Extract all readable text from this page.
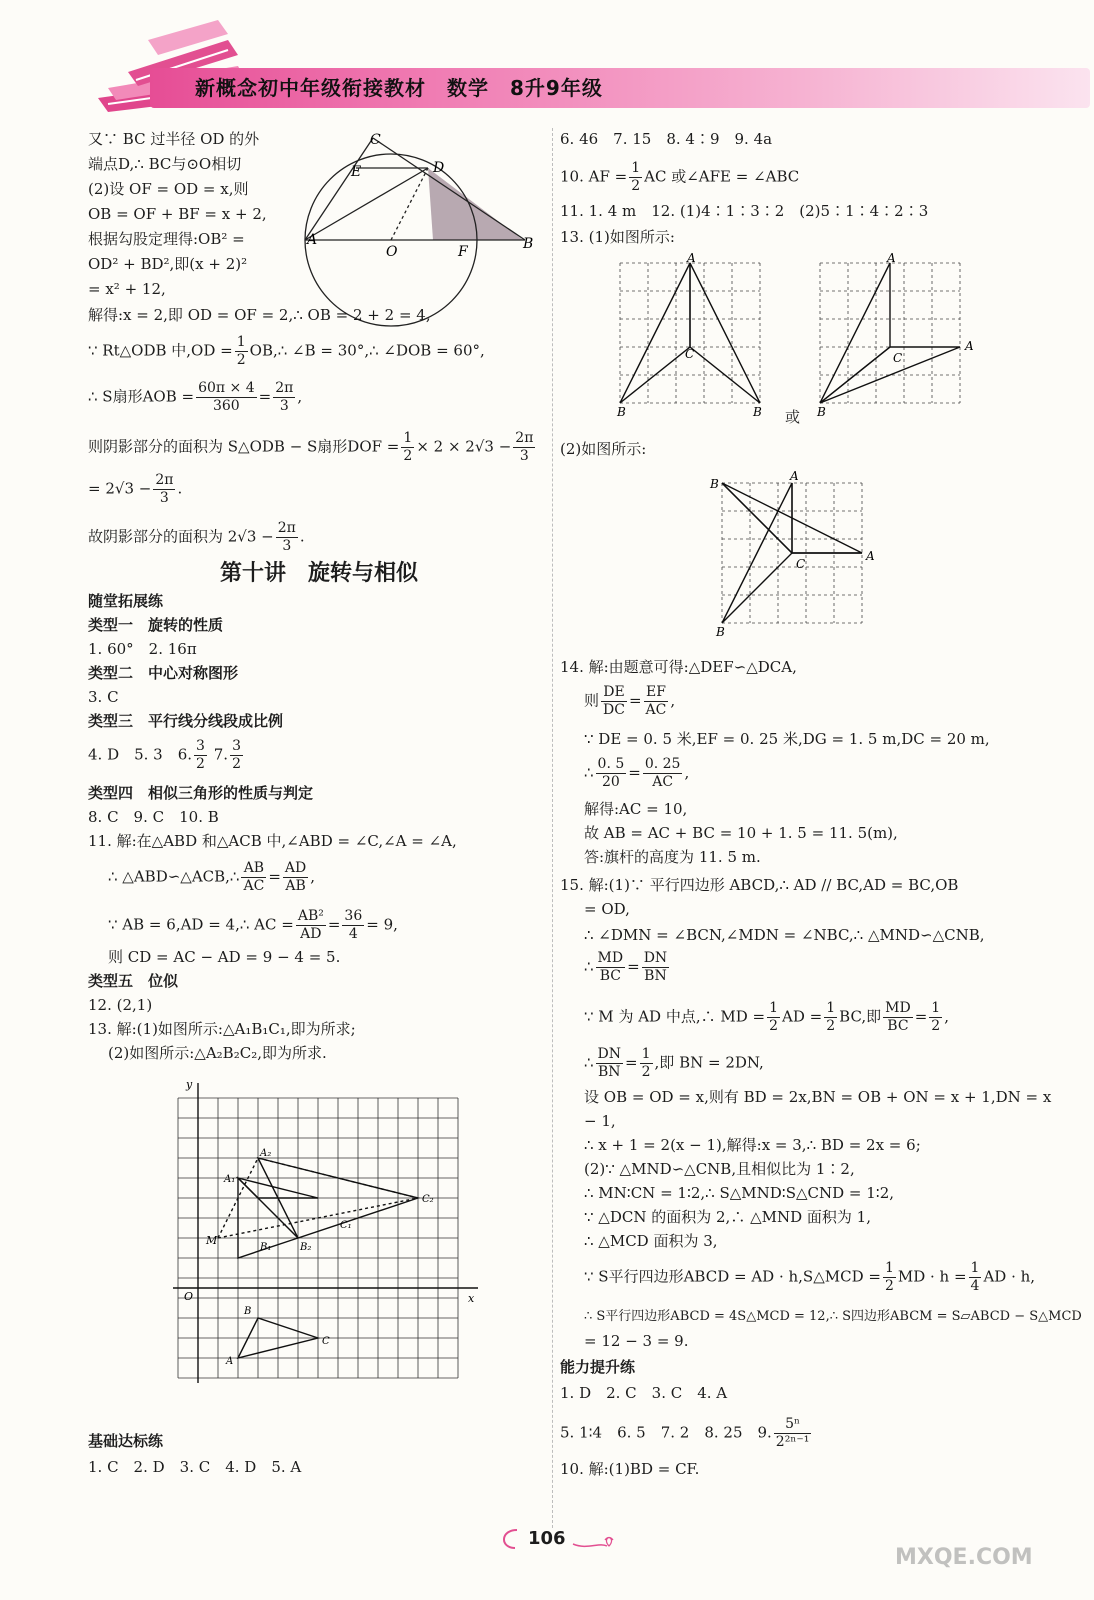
新概念初中年级衔接教材　数学　8升9年级
又∵ BC 过半径 OD 的外
端点D,∴ BC与⊙O相切
(2)设 OF = OD = x,则
OB = OF + BF = x + 2,
根据勾股定理得:OB² =
OD² + BD²,即(x + 2)²
= x² + 12,
C
E	D
A
O	F	B
解得:x = 2,即 OD = OF = 2,∴ OB = 2 + 2 = 4,
∵ Rt△ODB 中$,OD = \frac{1}{2}$ OB,∴ ∠B = 30°,∴ ∠DOB = 60°,
∴ S扇形AOB = $\frac{60\pi \times 4}{360} = \frac{2\pi}{3}$ ,
则阴影部分的面积为 S△ODB − S扇形DOF = $\frac{1}{2} \times 2 \times 2√3 - \frac{2\pi}{3}$
= $2√3 - \frac{2\pi}{3}$ .
故阴影部分的面积为 $2√3 - \frac{2\pi}{3}$ .
第十讲　旋转与相似
随堂拓展练
类型一　旋转的性质
1. 60°　2. 16π
类型二　中心对称图形
3. C
类型三　平行线分线段成比例
4. D　5. 3　6. $\frac{3}{2} 7$. $\frac{3}{2}$
类型四　相似三角形的性质与判定
8. C　9. C　10. B
11. 解:在△ABD 和△ACB 中,∠ABD = ∠C,∠A = ∠A,
∴ △ABD∽△ACB,∴ $\frac{AB}{AC} = \frac{AD}{AB}$ ,
∵ AB = 6,AD = 4,∴ AC = $\frac{\text{AB²}}{AD} = \frac{36}{4} = 9$,
则 CD = AC − AD = 9 − 4 = 5.
类型五　位似
12. (2,1)
13. 解:(1)如图所示:△A₁B₁C₁,即为所求;
(2)如图所示:△A₂B₂C₂,即为所求.
y
x
O
M
A₂
A₁
B₁	B₂
C₂
C₁
B
A
C
基础达标练
1. C　2. D　3. C　4. D　5. A
6. 46　7. 15　8. 4∶9　9. 4a
10. AF = $\frac{1}{2}$ AC 或∠AFE = ∠ABC
11. 1. 4 m　12. (1)4∶1∶3∶2　(2)5∶1∶4∶2∶3
13. (1)如图所示:
A
C
B	B 或
A
C
A
B
(2)如图所示:
A
B
C
A
B
14. 解:由题意可得:△DEF∽△DCA,
则 $\frac{DE}{DC} = \frac{EF}{AC}$ ,
∵ DE = 0. 5 米,EF = 0. 25 米,DG = 1. 5 m,DC = 20 m,
∴ $\frac{0. 5}{20} = \frac{0. 25}{AC}$ ,
解得:AC = 10,
故 AB = AC + BC = 10 + 1. 5 = 11. 5(m),
答:旗杆的高度为 11. 5 m.
15. 解:(1)∵ 平行四边形 ABCD,∴ AD // BC,AD = BC,OB
= OD,
∴ ∠DMN = ∠BCN,∠MDN = ∠NBC,∴ △MND∽△CNB,
∴ $\frac{MD}{BC} = \frac{DN}{BN}$
∵ M 为 AD 中点,∴ MD = $\frac{1}{2}$ AD = $\frac{1}{2}$ BC,即 $\frac{MD}{BC} = \frac{1}{2}$ ,
∴ $\frac{DN}{BN} = \frac{1}{2}$ ,即 BN = 2DN,
设 OB = OD = x,则有 BD = 2x,BN = OB + ON = x + 1,DN = x
− 1,
∴ x + 1 = 2(x − 1),解得:x = 3,∴ BD = 2x = 6;
(2)∵ △MND∽△CNB,且相似比为 1∶2,
∴ MN∶CN = 1∶2,∴ S△MND∶S△CND = 1∶2,
∵ △DCN 的面积为 2,∴ △MND 面积为 1,
∴ △MCD 面积为 3,
∵ S平行四边形ABCD = AD · h,S△MCD = $\frac{1}{2}$ MD · $h = \frac{1}{4}$ AD · h,
∴ S平行四边形ABCD = 4S△MCD = 12,∴ S四边形ABCM = S▱ABCD − S△MCD
= 12 − 3 = 9.
能力提升练
1. D　2. C　3. C　4. A
5. 1∶4　6. 5　7. 2　8. 25　9. $\frac{\text{5ⁿ}}{\text{2²ⁿ⁻¹}}$
10. 解:(1)BD = CF.
106
MXQE.COM
